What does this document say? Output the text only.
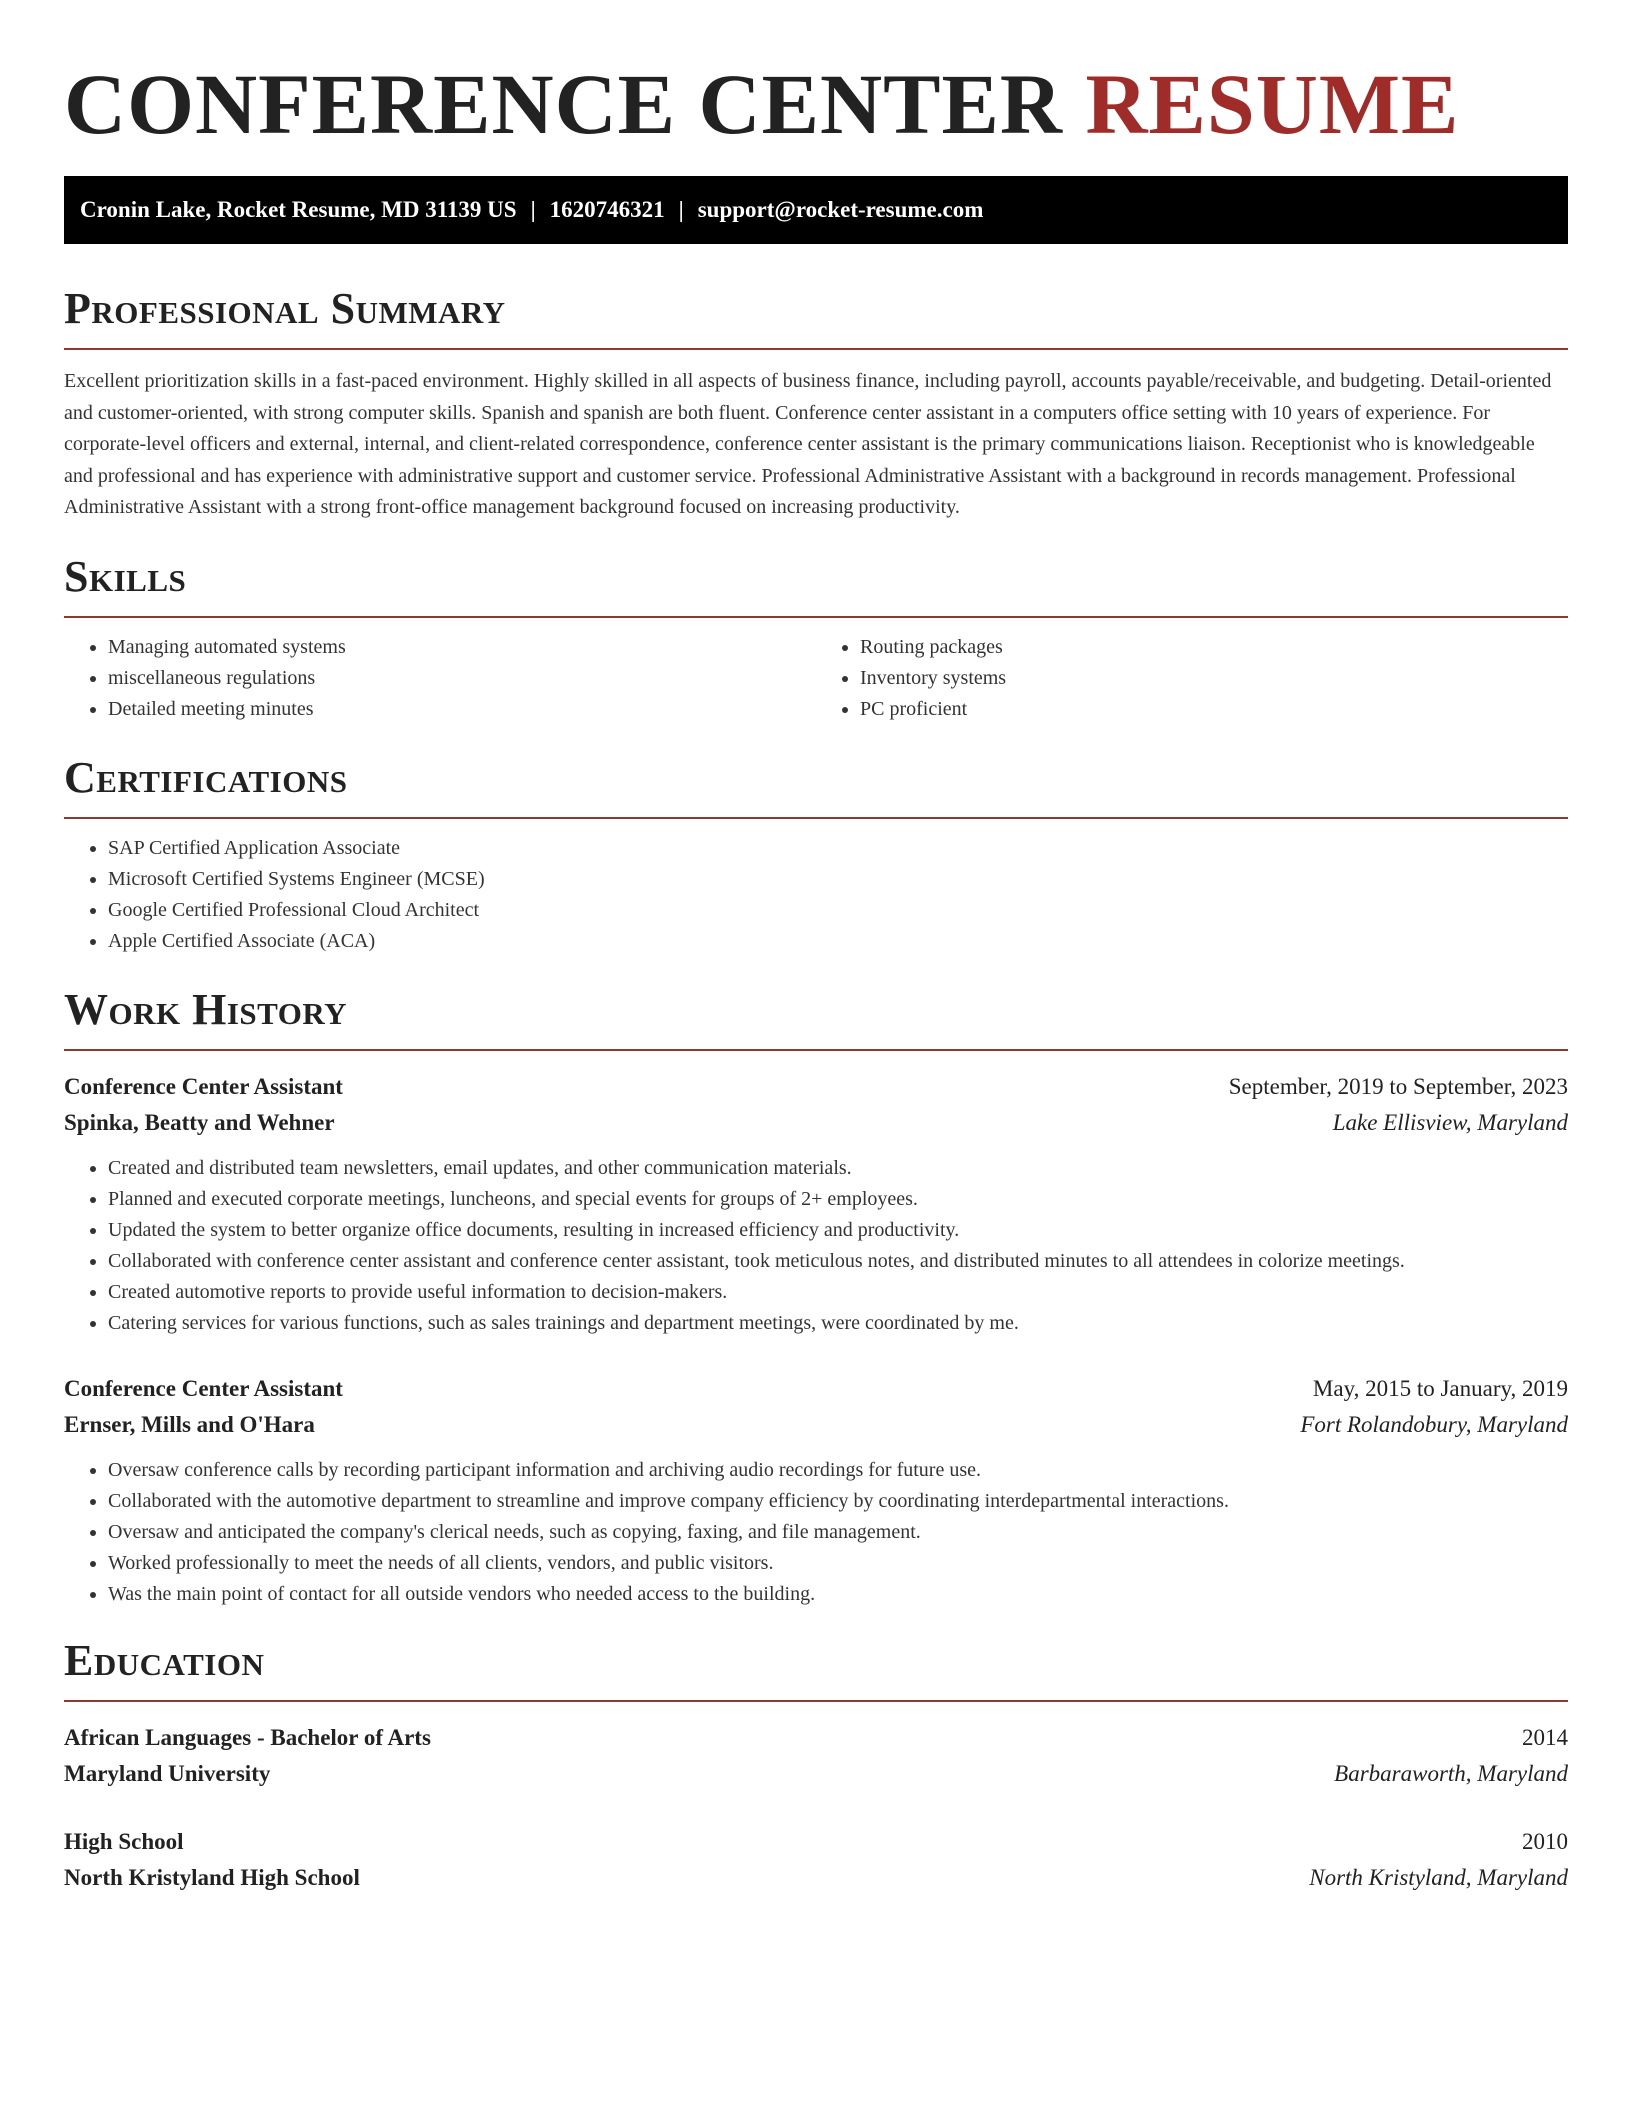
CONFERENCE CENTER RESUME
Cronin Lake, Rocket Resume, MD 31139 US | 1620746321 | support@rocket-resume.com
Professional Summary

Excellent prioritization skills in a fast-paced environment. Highly skilled in all aspects of business finance, including payroll, accounts payable/receivable, and budgeting. Detail-oriented and customer-oriented, with strong computer skills. Spanish and spanish are both fluent. Conference center assistant in a computers office setting with 10 years of experience. For corporate-level officers and external, internal, and client-related correspondence, conference center assistant is the primary communications liaison. Receptionist who is knowledgeable and professional and has experience with administrative support and customer service. Professional Administrative Assistant with a background in records management. Professional Administrative Assistant with a strong front-office management background focused on increasing productivity.

Skills
• Managing automated systems
• miscellaneous regulations
• Detailed meeting minutes
• Routing packages
• Inventory systems
• PC proficient
Certifications
• SAP Certified Application Associate
• Microsoft Certified Systems Engineer (MCSE)
• Google Certified Professional Cloud Architect
• Apple Certified Associate (ACA)
Work History
Conference Center Assistant	September, 2019 to September, 2023
Spinka, Beatty and Wehner	Lake Ellisview, Maryland
• Created and distributed team newsletters, email updates, and other communication materials.
• Planned and executed corporate meetings, luncheons, and special events for groups of 2+ employees.
• Updated the system to better organize office documents, resulting in increased efficiency and productivity.
• Collaborated with conference center assistant and conference center assistant, took meticulous notes, and distributed minutes to all attendees in colorize meetings.
• Created automotive reports to provide useful information to decision-makers.
• Catering services for various functions, such as sales trainings and department meetings, were coordinated by me.
Conference Center Assistant	May, 2015 to January, 2019
Ernser, Mills and O'Hara	Fort Rolandobury, Maryland
• Oversaw conference calls by recording participant information and archiving audio recordings for future use.
• Collaborated with the automotive department to streamline and improve company efficiency by coordinating interdepartmental interactions.
• Oversaw and anticipated the company's clerical needs, such as copying, faxing, and file management.
• Worked professionally to meet the needs of all clients, vendors, and public visitors.
• Was the main point of contact for all outside vendors who needed access to the building.
Education
African Languages - Bachelor of Arts	2014
Maryland University	Barbaraworth, Maryland
High School	2010
North Kristyland High School	North Kristyland, Maryland
